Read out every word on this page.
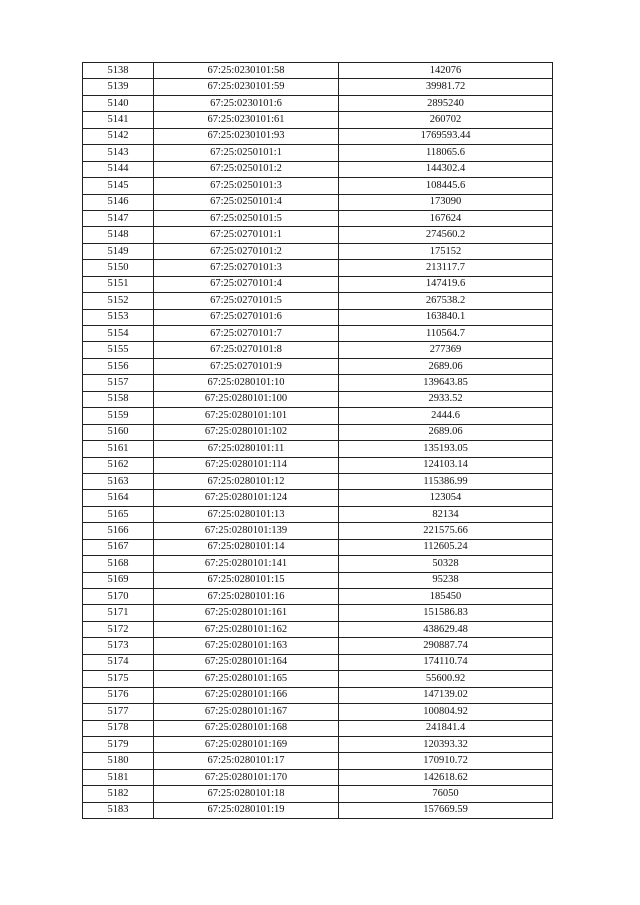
5138	67:25:0230101:58	142076
5139	67:25:0230101:59	39981.72
5140	67:25:0230101:6	2895240
5141	67:25:0230101:61	260702
5142	67:25:0230101:93	1769593.44
5143	67:25:0250101:1	118065.6
5144	67:25:0250101:2	144302.4
5145	67:25:0250101:3	108445.6
5146	67:25:0250101:4	173090
5147	67:25:0250101:5	167624
5148	67:25:0270101:1	274560.2
5149	67:25:0270101:2	175152
5150	67:25:0270101:3	213117.7
5151	67:25:0270101:4	147419.6
5152	67:25:0270101:5	267538.2
5153	67:25:0270101:6	163840.1
5154	67:25:0270101:7	110564.7
5155	67:25:0270101:8	277369
5156	67:25:0270101:9	2689.06
5157	67:25:0280101:10	139643.85
5158	67:25:0280101:100	2933.52
5159	67:25:0280101:101	2444.6
5160	67:25:0280101:102	2689.06
5161	67:25:0280101:11	135193.05
5162	67:25:0280101:114	124103.14
5163	67:25:0280101:12	115386.99
5164	67:25:0280101:124	123054
5165	67:25:0280101:13	82134
5166	67:25:0280101:139	221575.66
5167	67:25:0280101:14	112605.24
5168	67:25:0280101:141	50328
5169	67:25:0280101:15	95238
5170	67:25:0280101:16	185450
5171	67:25:0280101:161	151586.83
5172	67:25:0280101:162	438629.48
5173	67:25:0280101:163	290887.74
5174	67:25:0280101:164	174110.74
5175	67:25:0280101:165	55600.92
5176	67:25:0280101:166	147139.02
5177	67:25:0280101:167	100804.92
5178	67:25:0280101:168	241841.4
5179	67:25:0280101:169	120393.32
5180	67:25:0280101:17	170910.72
5181	67:25:0280101:170	142618.62
5182	67:25:0280101:18	76050
5183	67:25:0280101:19	157669.59
